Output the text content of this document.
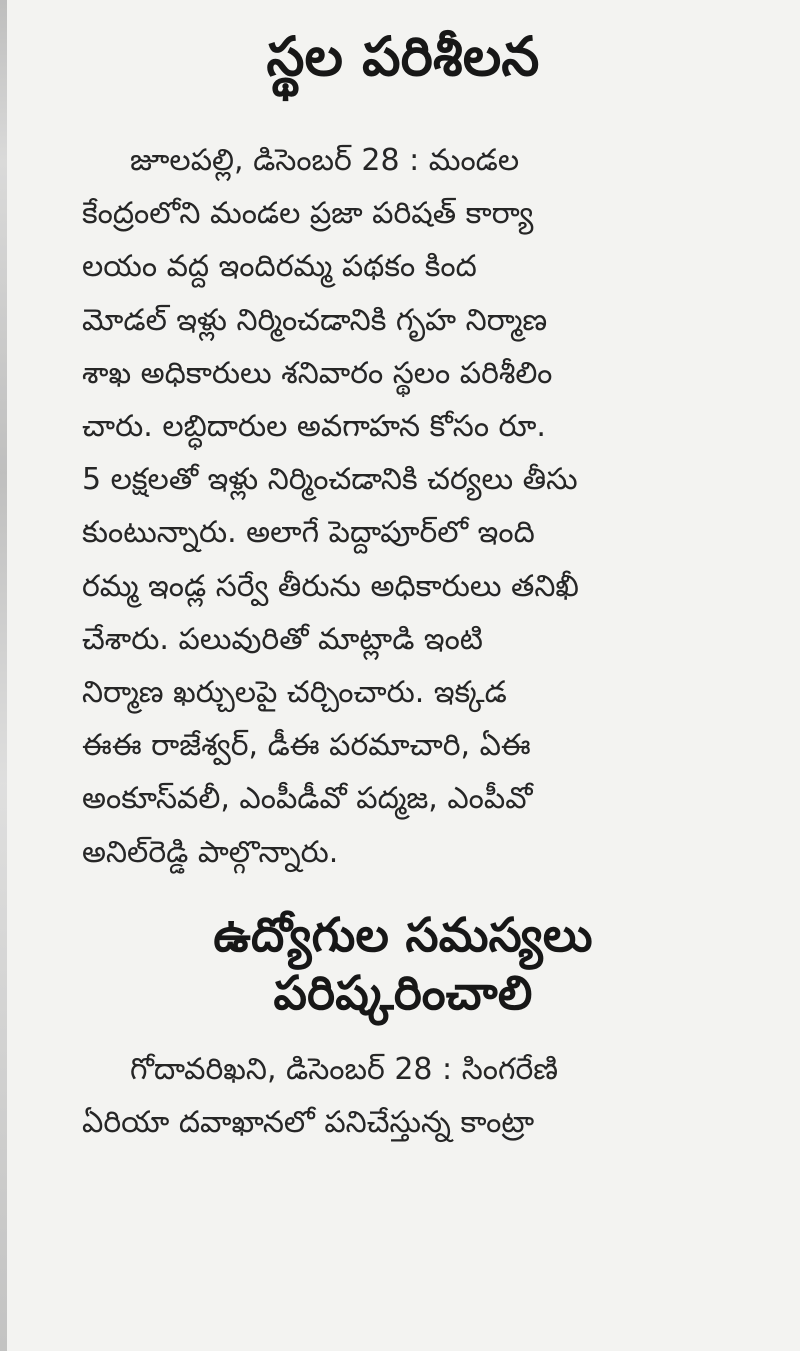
స్థల పరిశీలన
జూలపల్లి, డిసెంబర్ 28 : మండల
కేంద్రంలోని మండల ప్రజా పరిషత్ కార్యా
లయం వద్ద ఇందిరమ్మ పథకం కింద
మోడల్ ఇళ్లు నిర్మించడానికి గృహ నిర్మాణ
శాఖ అధికారులు శనివారం స్థలం పరిశీలిం
చారు. లబ్ధిదారుల అవగాహన కోసం రూ.
5 లక్షలతో ఇళ్లు నిర్మించడానికి చర్యలు తీసు
కుంటున్నారు. అలాగే పెద్దాపూర్‌లో ఇంది
రమ్మ ఇండ్ల సర్వే తీరును అధికారులు తనిఖీ
చేశారు. పలువురితో మాట్లాడి ఇంటి
నిర్మాణ ఖర్చులపై చర్చించారు. ఇక్కడ
ఈఈ రాజేశ్వర్, డీఈ పరమాచారి, ఏఈ
అంకూస్‌వలీ, ఎంపీడీవో పద్మజ, ఎంపీవో
అనిల్‌రెడ్డి పాల్గొన్నారు.
ఉద్యోగుల సమస్యలు
పరిష్కరించాలి
గోదావరిఖని, డిసెంబర్ 28 : సింగరేణి
ఏరియా దవాఖానలో పనిచేస్తున్న కాంట్రా
